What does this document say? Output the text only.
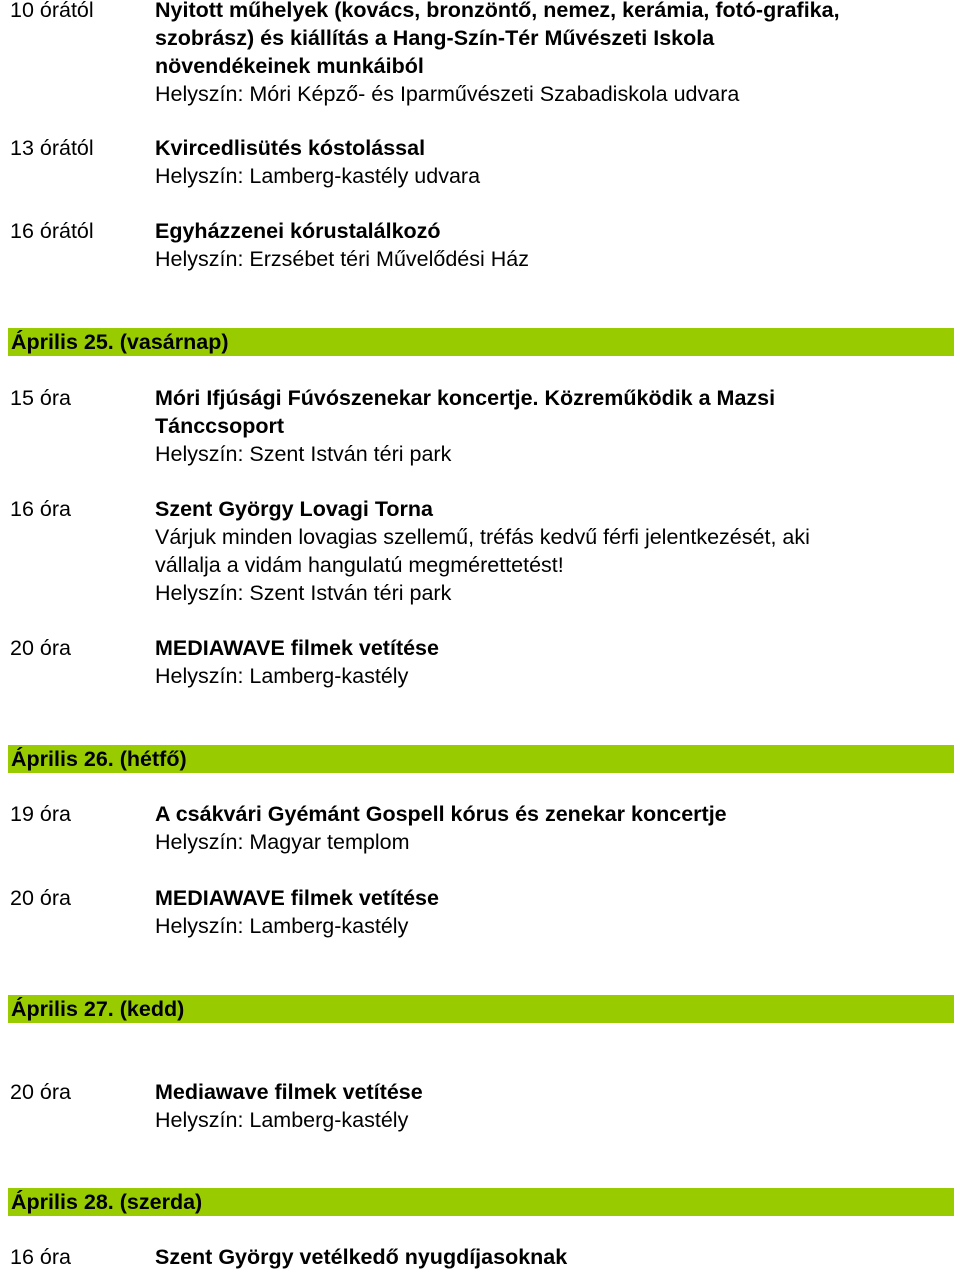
10 órától	Nyitott műhelyek (kovács, bronzöntő, nemez, kerámia, fotó-grafika,
szobrász) és kiállítás a Hang-Szín-Tér Művészeti Iskola
növendékeinek munkáiból
Helyszín: Móri Képző- és Iparművészeti Szabadiskola udvara
13 órától	Kvircedlisütés kóstolással
Helyszín: Lamberg-kastély udvara
16 órától	Egyházzenei kórustalálkozó
Helyszín: Erzsébet téri Művelődési Ház
Április 25. (vasárnap)
15 óra	Móri Ifjúsági Fúvószenekar koncertje. Közreműködik a Mazsi
Tánccsoport
Helyszín: Szent István téri park
16 óra	Szent György Lovagi Torna
Várjuk minden lovagias szellemű, tréfás kedvű férfi jelentkezését, aki
vállalja a vidám hangulatú megmérettetést!
Helyszín: Szent István téri park
20 óra	MEDIAWAVE filmek vetítése
Helyszín: Lamberg-kastély
Április 26. (hétfő)
19 óra	A csákvári Gyémánt Gospell kórus és zenekar koncertje
Helyszín: Magyar templom
20 óra	MEDIAWAVE filmek vetítése
Helyszín: Lamberg-kastély
Április 27. (kedd)
20 óra	Mediawave filmek vetítése
Helyszín: Lamberg-kastély
Április 28. (szerda)
16 óra	Szent György vetélkedő nyugdíjasoknak
